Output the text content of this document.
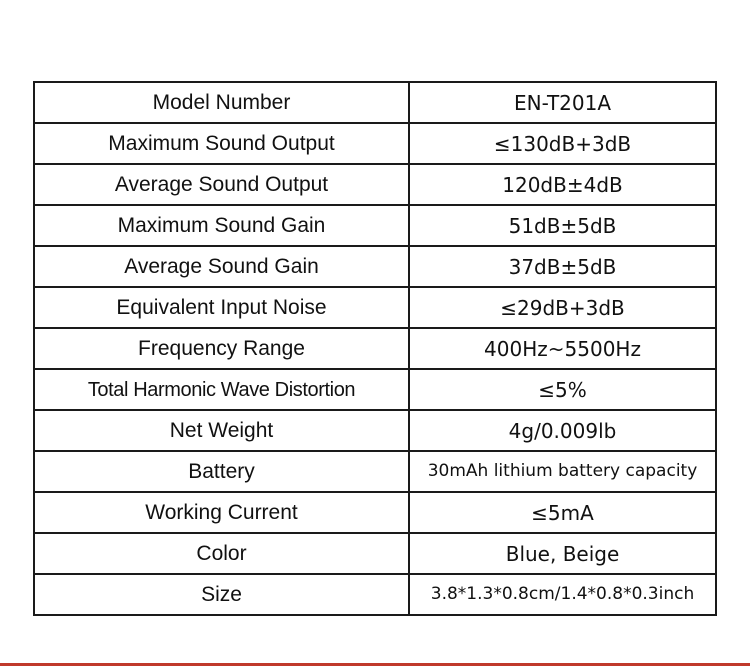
Model Number	EN-T201A
Maximum Sound Output	≤130dB+3dB
Average Sound Output	120dB±4dB
Maximum Sound Gain	51dB±5dB
Average Sound Gain	37dB±5dB
Equivalent Input Noise	≤29dB+3dB
Frequency Range	400Hz~5500Hz
Total Harmonic Wave Distortion	≤5%
Net Weight	4g/0.009lb
Battery	30mAh lithium battery capacity
Working Current	≤5mA
Color	Blue, Beige
Size	3.8*1.3*0.8cm/1.4*0.8*0.3inch
